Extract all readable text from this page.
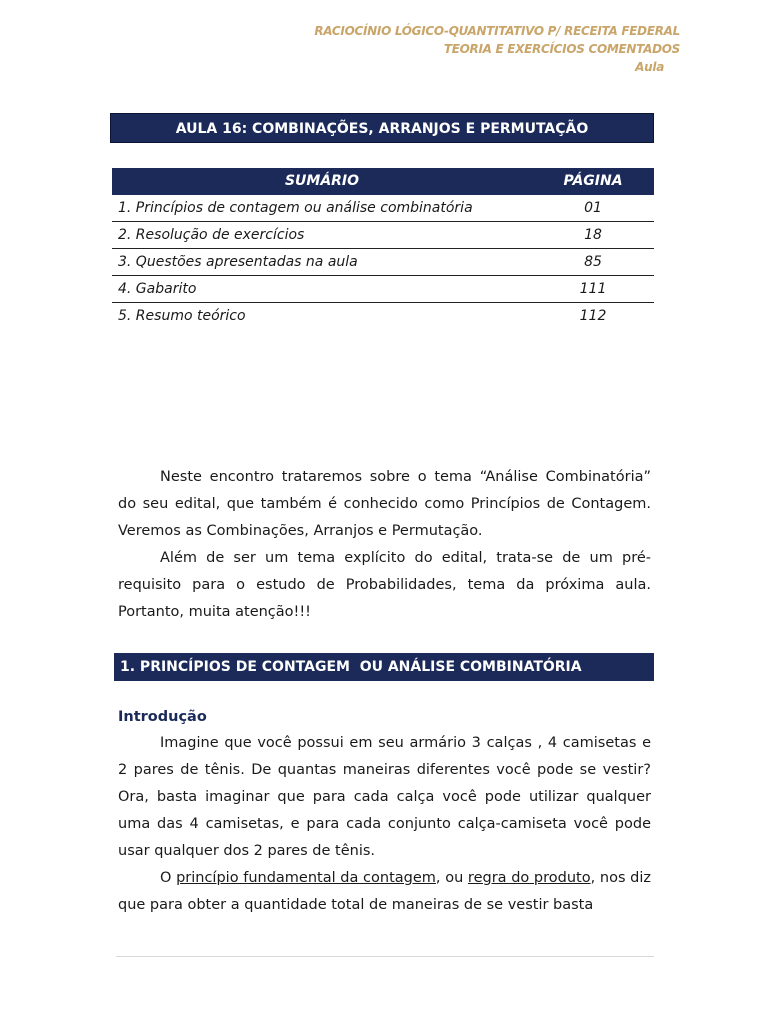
RACIOCÍNIO LÓGICO-QUANTITATIVO P/ RECEITA FEDERAL
TEORIA E EXERCÍCIOS COMENTADOS
Aula
AULA 16: COMBINAÇÕES, ARRANJOS E PERMUTAÇÃO
SUMÁRIO	PÁGINA
1. Princípios de contagem ou análise combinatória	01
2. Resolução de exercícios	18
3. Questões apresentadas na aula	85
4. Gabarito	111
5. Resumo teórico	112

Neste encontro trataremos sobre o tema “Análise Combinatória” do seu edital, que também é conhecido como Princípios de Contagem. Veremos as Combinações, Arranjos e Permutação.

Além de ser um tema explícito do edital, trata-se de um pré-requisito para o estudo de Probabilidades, tema da próxima aula. Portanto, muita atenção!!!

1. PRINCÍPIOS DE CONTAGEM  OU ANÁLISE COMBINATÓRIA
Introdução

Imagine que você possui em seu armário 3 calças , 4 camisetas e 2 pares de tênis. De quantas maneiras diferentes você pode se vestir? Ora, basta imaginar que para cada calça você pode utilizar qualquer uma das 4 camisetas, e para cada conjunto calça-camiseta você pode usar qualquer dos 2 pares de tênis.

O princípio fundamental da contagem, ou regra do produto, nos diz que para obter a quantidade total de maneiras de se vestir basta
